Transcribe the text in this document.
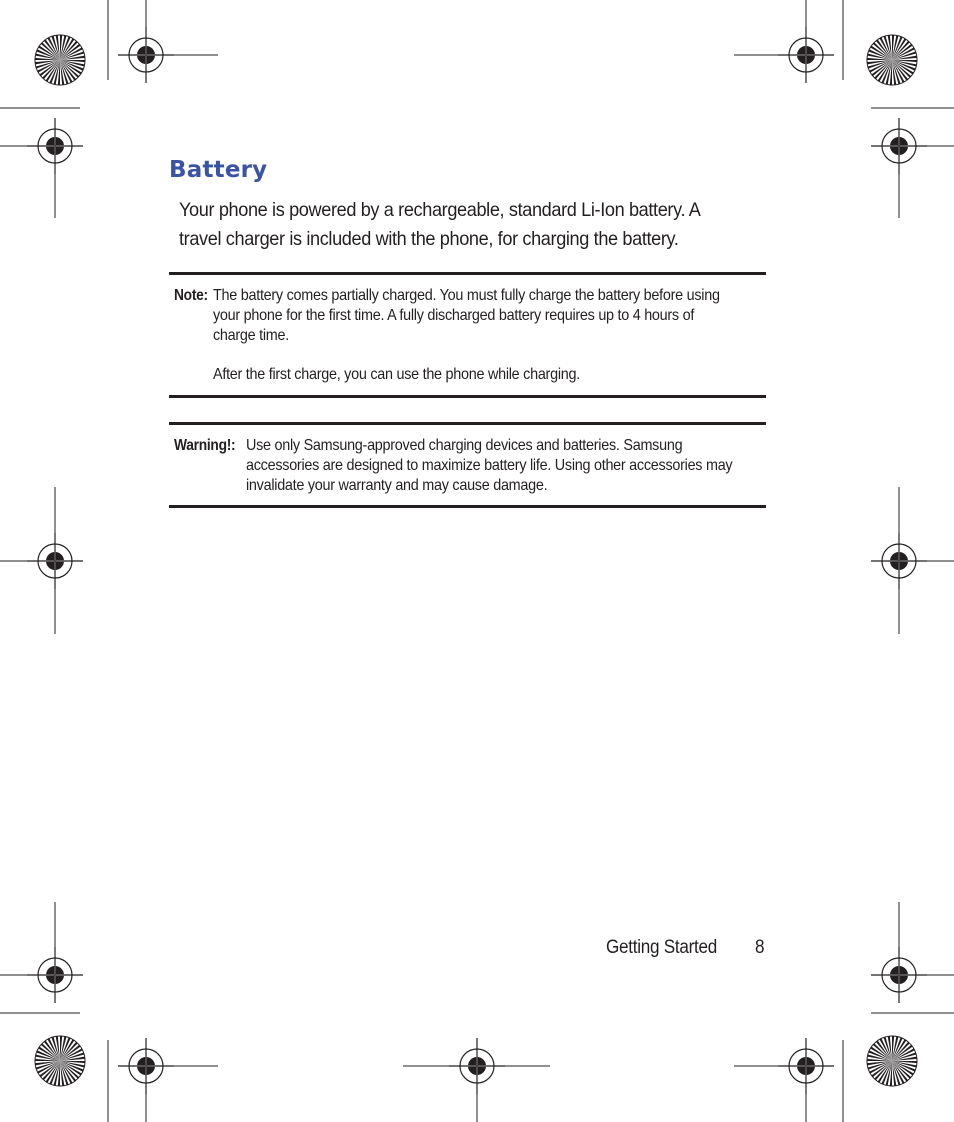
Battery

Your phone is powered by a rechargeable, standard Li-Ion battery. A travel charger is included with the phone, for charging the battery.

Note: The battery comes partially charged. You must fully charge the battery before using your phone for the first time. A fully discharged battery requires up to 4 hours of charge time.

After the first charge, you can use the phone while charging.

Warning!: Use only Samsung-approved charging devices and batteries. Samsung accessories are designed to maximize battery life. Using other accessories may invalidate your warranty and may cause damage.

Getting Started 8
